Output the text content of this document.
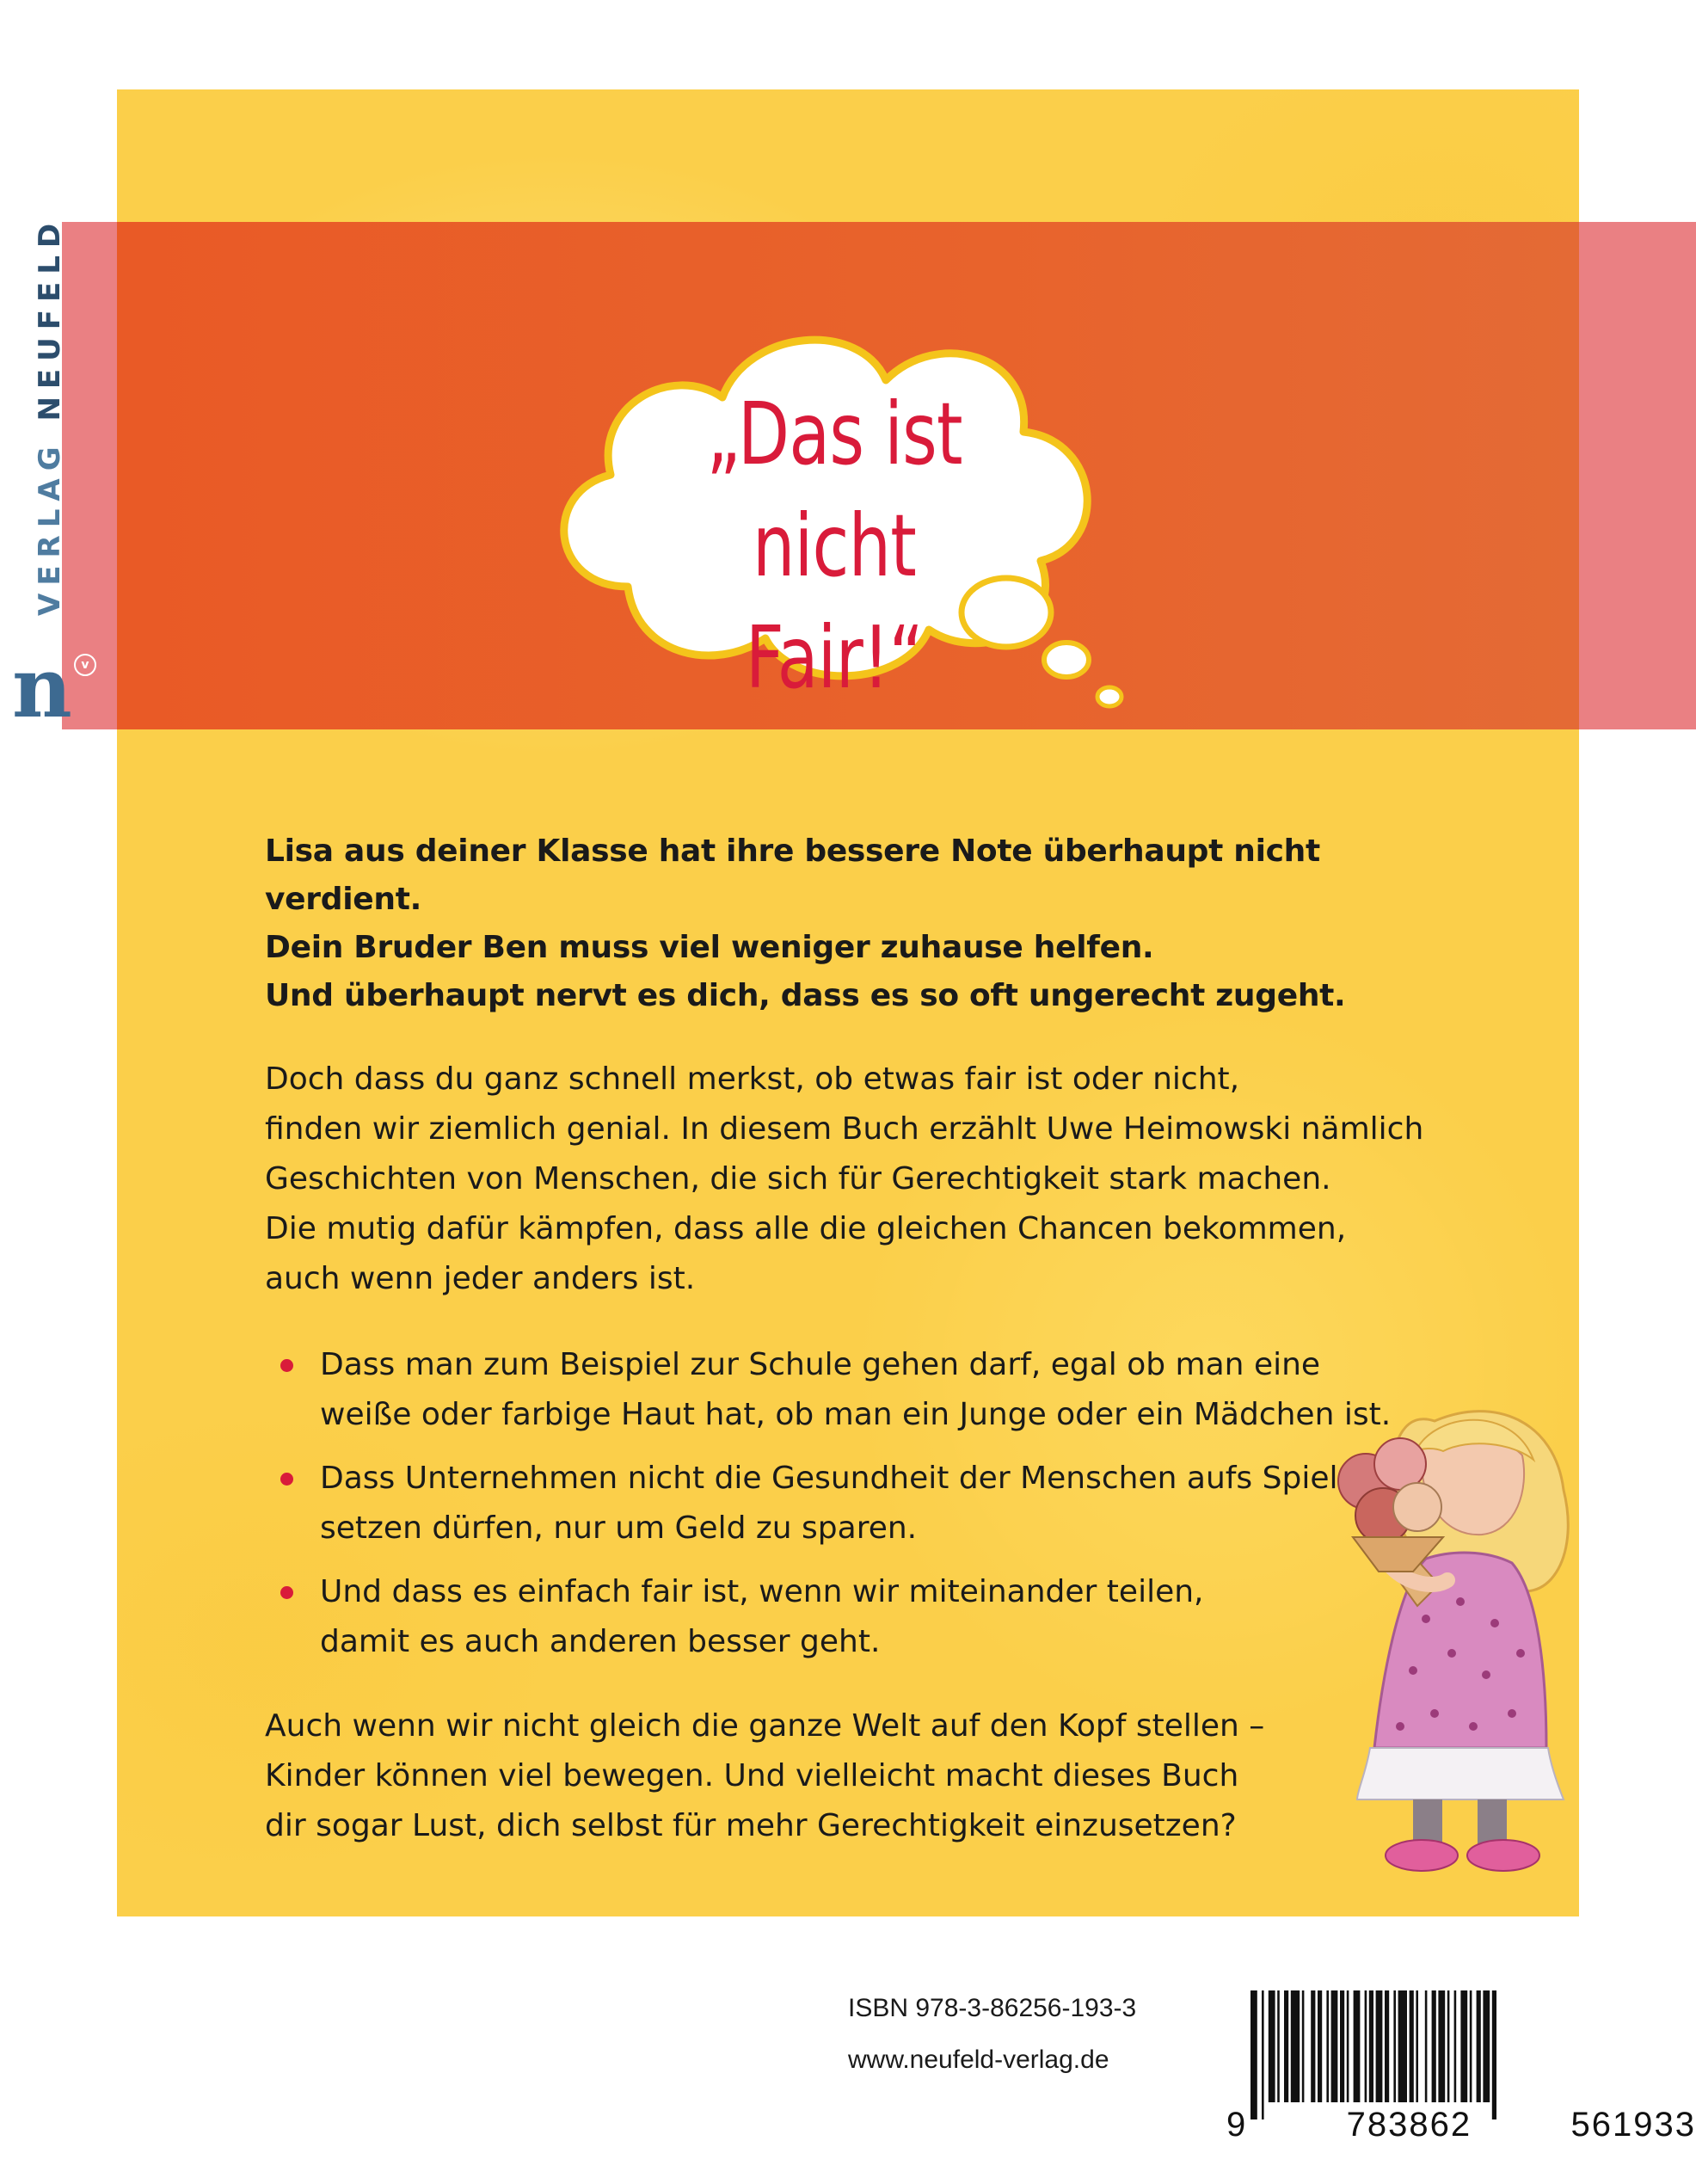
VERLAG NEUFELD
n v
„Das ist
nicht Fair!“

Lisa aus deiner Klasse hat ihre bessere Note überhaupt nicht verdient.

Dein Bruder Ben muss viel weniger zuhause helfen.

Und überhaupt nervt es dich, dass es so oft ungerecht zugeht.

Doch dass du ganz schnell merkst, ob etwas fair ist oder nicht,

finden wir ziemlich genial. In diesem Buch erzählt Uwe Heimowski nämlich

Geschichten von Menschen, die sich für Gerechtigkeit stark machen.

Die mutig dafür kämpfen, dass alle die gleichen Chancen bekommen,

auch wenn jeder anders ist.

Dass man zum Beispiel zur Schule gehen darf, egal ob man eine

weiße oder farbige Haut hat, ob man ein Junge oder ein Mädchen ist.

Dass Unternehmen nicht die Gesundheit der Menschen aufs Spiel

setzen dürfen, nur um Geld zu sparen.

Und dass es einfach fair ist, wenn wir miteinander teilen,

damit es auch anderen besser geht.

Auch wenn wir nicht gleich die ganze Welt auf den Kopf stellen –

Kinder können viel bewegen. Und vielleicht macht dieses Buch

dir sogar Lust, dich selbst für mehr Gerechtigkeit einzusetzen?

ISBN 978-3-86256-193-3
www.neufeld-verlag.de
9	783862	561933
